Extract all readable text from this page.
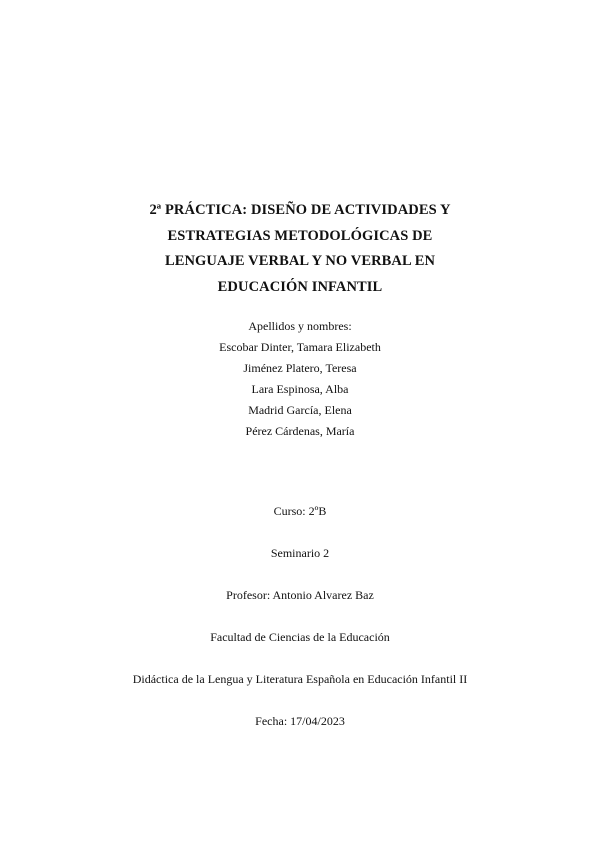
2ª PRÁCTICA: DISEÑO DE ACTIVIDADES Y
ESTRATEGIAS METODOLÓGICAS DE
LENGUAJE VERBAL Y NO VERBAL EN
EDUCACIÓN INFANTIL
Apellidos y nombres:
Escobar Dinter, Tamara Elizabeth
Jiménez Platero, Teresa
Lara Espinosa, Alba
Madrid García, Elena
Pérez Cárdenas, María
Curso: 2ºB
Seminario 2
Profesor: Antonio Alvarez Baz
Facultad de Ciencias de la Educación
Didáctica de la Lengua y Literatura Española en Educación Infantil II
Fecha: 17/04/2023
